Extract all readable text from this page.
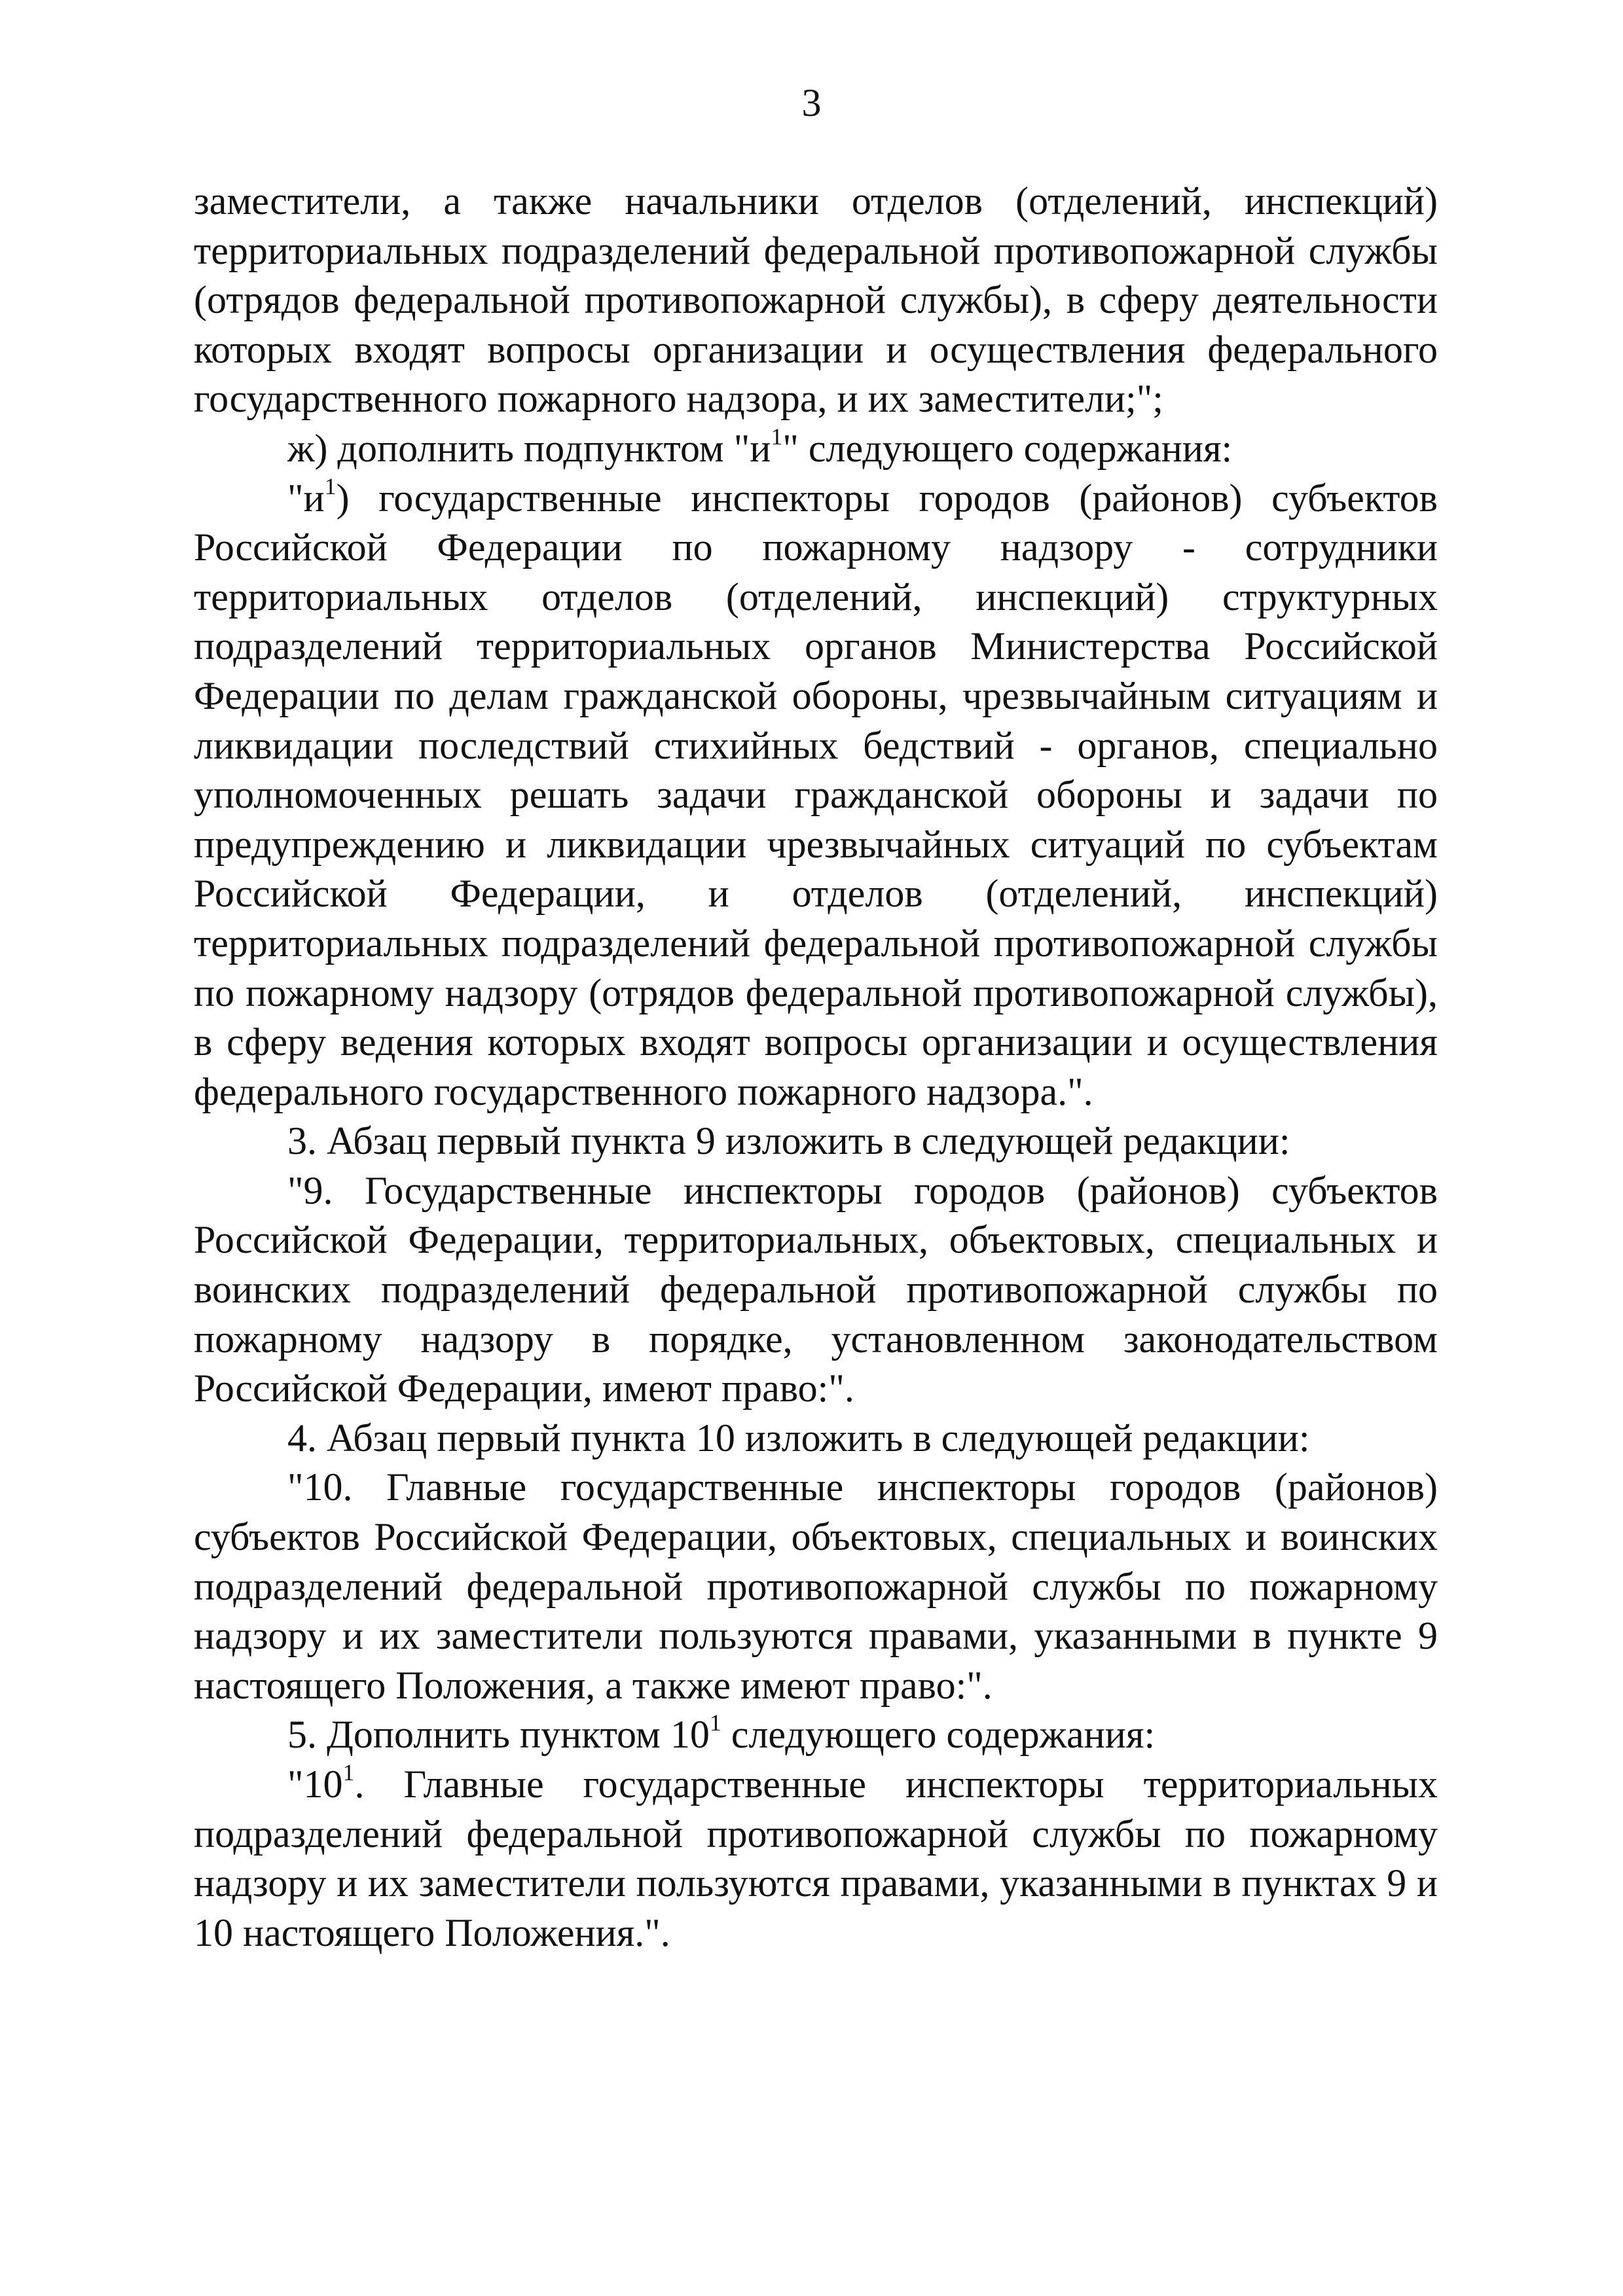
3

заместители, а также начальники отделов (отделений, инспекций) территориальных подразделений федеральной противопожарной службы (отрядов федеральной противопожарной службы), в сферу деятельности которых входят вопросы организации и осуществления федерального государственного пожарного надзора, и их заместители;";

ж) дополнить подпунктом "$и^1$" следующего содержания:

"$и^1$) государственные инспекторы городов (районов) субъектов Российской Федерации по пожарному надзору - сотрудники территориальных отделов (отделений, инспекций) структурных подразделений территориальных органов Министерства Российской Федерации по делам гражданской обороны, чрезвычайным ситуациям и ликвидации последствий стихийных бедствий - органов, специально уполномоченных решать задачи гражданской обороны и задачи по предупреждению и ликвидации чрезвычайных ситуаций по субъектам Российской Федерации, и отделов (отделений, инспекций) территориальных подразделений федеральной противопожарной службы по пожарному надзору (отрядов федеральной противопожарной службы), в сферу ведения которых входят вопросы организации и осуществления федерального государственного пожарного надзора.".

3. Абзац первый пункта 9 изложить в следующей редакции:

"9. Государственные инспекторы городов (районов) субъектов Российской Федерации, территориальных, объектовых, специальных и воинских подразделений федеральной противопожарной службы по пожарному надзору в порядке, установленном законодательством Российской Федерации, имеют право:".

4. Абзац первый пункта 10 изложить в следующей редакции:

"10. Главные государственные инспекторы городов (районов) субъектов Российской Федерации, объектовых, специальных и воинских подразделений федеральной противопожарной службы по пожарному надзору и их заместители пользуются правами, указанными в пункте 9 настоящего Положения, а также имеют право:".

5. Дополнить пунктом $10^1$ следующего содержания:

"$10^1$. Главные государственные инспекторы территориальных подразделений федеральной противопожарной службы по пожарному надзору и их заместители пользуются правами, указанными в пунктах 9 и 10 настоящего Положения.".
